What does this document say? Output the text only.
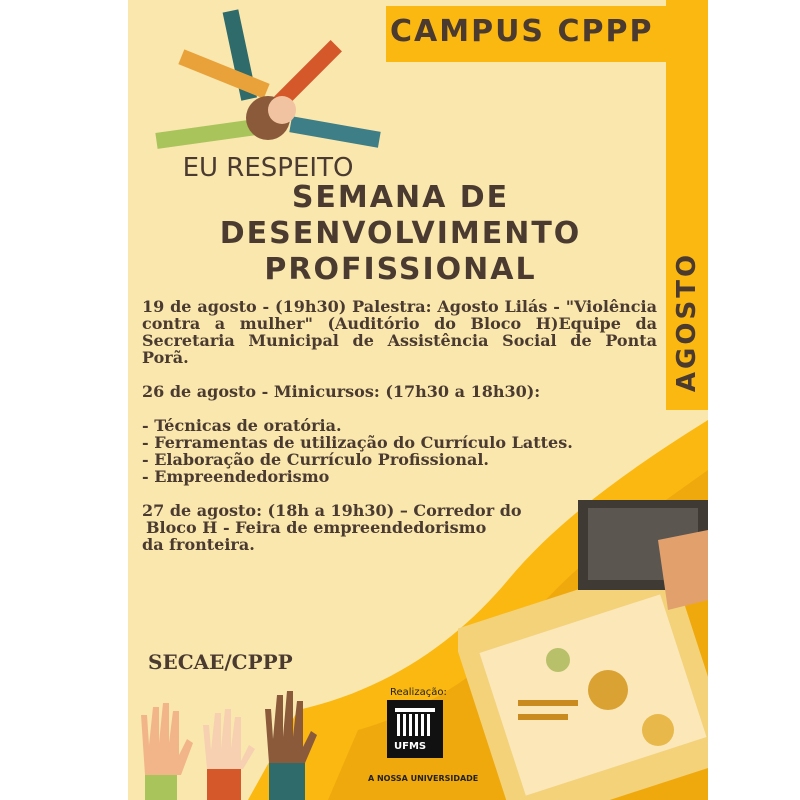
CAMPUS CPPP
AGOSTO
EU RESPEITO
SEMANA DE DESENVOLVIMENTO
PROFISSIONAL

19 de agosto - (19h30) Palestra: Agosto Lilás - "Violência contra a mulher" (Auditório do Bloco H)Equipe da Secretaria Municipal de Assistência Social de Ponta Porã.

26 de agosto - Minicursos: (17h30 a 18h30):

- Técnicas de oratória.

- Ferramentas de utilização do Currículo Lattes.

- Elaboração de Currículo Profissional.

- Empreendedorismo

27 de agosto: (18h a 19h30) – Corredor do

Bloco H - Feira de empreendedorismo

da fronteira.

SECAE/CPPP
Realização:
UFMS
A NOSSA UNIVERSIDADE
